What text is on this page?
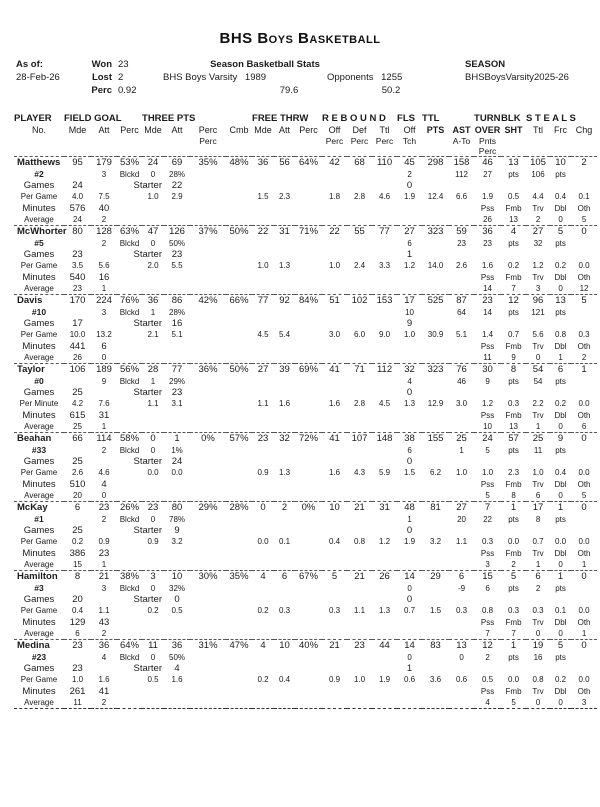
BHS Boys Basketball
As of:
28-Feb-26
Won 23
Lost 2
Perc 0.92
Season Basketball Stats
BHS Boys Varsity 1989	Opponents 1255
79.6	50.2
SEASON
BHSBoysVarsity2025-26
PLAYER	FIELD GOAL			THREE PTS				FREE THRW			R E B O U N D			FLS	TTL		TURN	BLK	S T E A L S		
No.	Mde	Att	Perc	Mde	Att	Perc	Cmb	Mde	Att	Perc	Off	Def	Ttl	Off	PTS	AST	OVER	SHT	Ttl	Frc	Chg
						Perc					Perc	Perc	Perc	Tch		A-To	Pnts				
																	Perc				
Matthews	95	179	53%	24	69	35%	48%	36	56	64%	42	68	110	45	298	158	46	13	105	10	2
#2		3	Blckd	0	28%									2		112	27	pts	106	pts	
Games	24		Starter		22									0							
Per Game	4.0	7.5		1.0	2.9			1.5	2.3		1.8	2.8	4.6	1.9	12.4	6.6	1.9	0.5	4.4	0.4	0.1
Minutes	576	40															Pss	Fmb	Trv	Dbl	Oth
Average	24	2															26	13	2	0	5
McWhorter	80	128	63%	47	126	37%	50%	22	31	71%	22	55	77	27	323	59	36	4	27	5	0
#5		2	Blckd	0	50%									6		23	23	pts	32	pts	
Games	23		Starter		23									1							
Per Game	3.5	5.6		2.0	5.5			1.0	1.3		1.0	2.4	3.3	1.2	14.0	2.6	1.6	0.2	1.2	0.2	0.0
Minutes	540	16															Pss	Fmb	Trv	Dbl	Oth
Average	23	1															14	7	3	0	12
Davis	170	224	76%	36	86	42%	66%	77	92	84%	51	102	153	17	525	87	23	12	96	13	5
#10		3	Blckd	1	28%									10		64	14	pts	121	pts	
Games	17		Starter		16									9							
Per Game	10.0	13.2		2.1	5.1			4.5	5.4		3.0	6.0	9.0	1.0	30.9	5.1	1.4	0.7	5.6	0.8	0.3
Minutes	441	6															Pss	Fmb	Trv	Dbl	Oth
Average	26	0															11	9	0	1	2
Taylor	106	189	56%	28	77	36%	50%	27	39	69%	41	71	112	32	323	76	30	8	54	6	1
#0		9	Blckd	1	29%									4		46	9	pts	54	pts	
Games	25		Starter		23									0							
Per Minute	4.2	7.6		1.1	3.1			1.1	1.6		1.6	2.8	4.5	1.3	12.9	3.0	1.2	0.3	2.2	0.2	0.0
Minutes	615	31															Pss	Fmb	Trv	Dbl	Oth
Average	25	1															10	13	1	0	6
Beahan	66	114	58%	0	1	0%	57%	23	32	72%	41	107	148	38	155	25	24	57	25	9	0
#33		2	Blckd	0	1%									6		1	5	pts	11	pts	
Games	25		Starter		24									0							
Per Game	2.6	4.6		0.0	0.0			0.9	1.3		1.6	4.3	5.9	1.5	6.2	1.0	1.0	2.3	1.0	0.4	0.0
Minutes	510	4															Pss	Fmb	Trv	Dbl	Oth
Average	20	0															5	8	6	0	5
McKay	6	23	26%	23	80	29%	28%	0	2	0%	10	21	31	48	81	27	7	1	17	1	0
#1		2	Blckd	0	78%									1		20	22	pts	8	pts	
Games	25		Starter		9									0							
Per Game	0.2	0.9		0.9	3.2			0.0	0.1		0.4	0.8	1.2	1.9	3.2	1.1	0.3	0.0	0.7	0.0	0.0
Minutes	386	23															Pss	Fmb	Trv	Dbl	Oth
Average	15	1															3	2	1	0	1
Hamilton	8	21	38%	3	10	30%	35%	4	6	67%	5	21	26	14	29	6	15	5	6	1	0
#3		3	Blckd	0	32%									0		-9	6	pts	2	pts	
Games	20		Starter		0									0							
Per Game	0.4	1.1		0.2	0.5			0.2	0.3		0.3	1.1	1.3	0.7	1.5	0.3	0.8	0.3	0.3	0.1	0.0
Minutes	129	43															Pss	Fmb	Trv	Dbl	Oth
Average	6	2															7	7	0	0	1
Medina	23	36	64%	11	36	31%	47%	4	10	40%	21	23	44	14	83	13	12	1	19	5	0
#23		4	Blckd	0	50%									0		0	2	pts	16	pts	
Games	23		Starter		4									1							
Per Game	1.0	1.6		0.5	1.6			0.2	0.4		0.9	1.0	1.9	0.6	3.6	0.6	0.5	0.0	0.8	0.2	0.0
Minutes	261	41															Pss	Fmb	Trv	Dbl	Oth
Average	11	2															4	5	0	0	3
